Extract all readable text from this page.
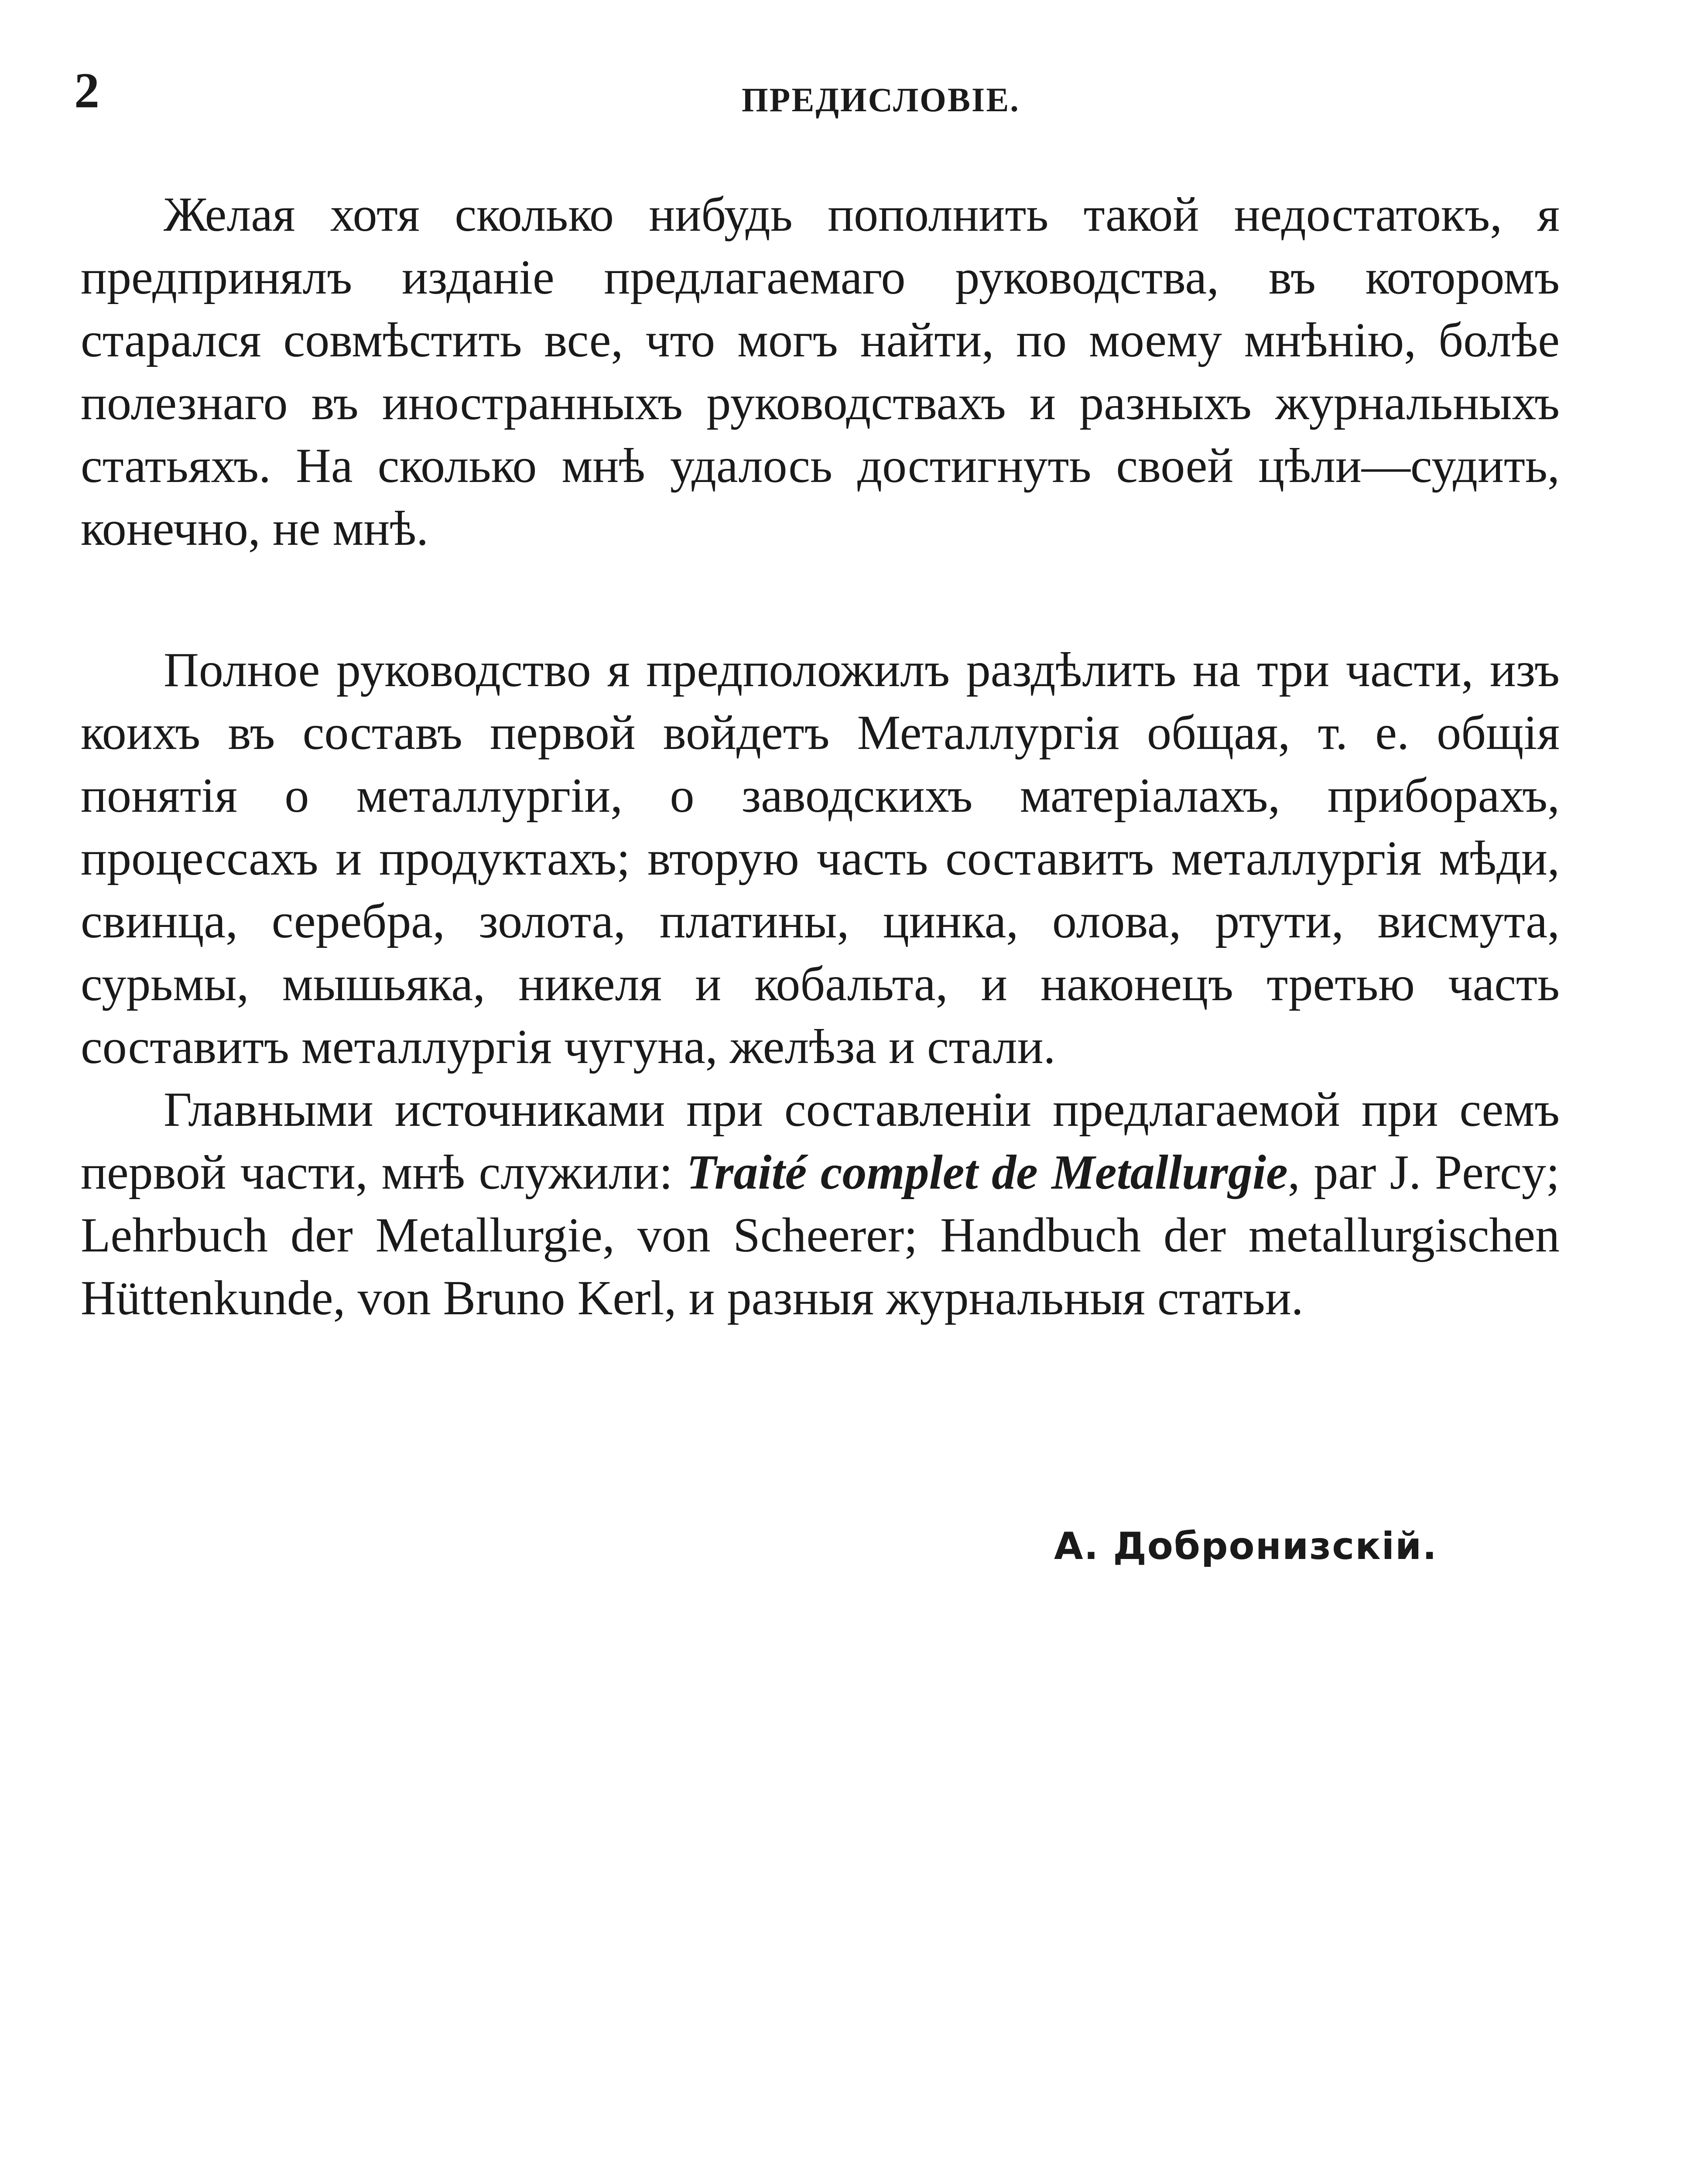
2	ПРЕДИСЛОВІЕ.

Желая хотя сколько нибудь пополнить такой недостатокъ, я предпринялъ изданіе предлагаемаго руководства, въ которомъ старался совмѣстить все, что могъ найти, по моему мнѣнію, болѣе полезнаго въ иностранныхъ руководствахъ и разныхъ журнальныхъ статьяхъ. На сколько мнѣ удалось достигнуть своей цѣли—судить, конечно, не мнѣ.

Полное руководство я предположилъ раздѣлить на три части, изъ коихъ въ составъ первой войдетъ Металлургія общая, т. е. общія понятія о металлургіи, о заводскихъ матеріалахъ, приборахъ, процессахъ и продуктахъ; вторую часть составитъ металлургія мѣди, свинца, серебра, золота, платины, цинка, олова, ртути, висмута, сурьмы, мышьяка, никеля и кобальта, и наконецъ третью часть составитъ металлургія чугуна, желѣза и стали.

Главными источниками при составленіи предлагаемой при семъ первой части, мнѣ служили: Traité complet de Metallurgie, par J. Percy; Lehrbuch der Metallurgie, von Scheerer; Handbuch der metallurgischen Hüttenkunde, von Bruno Kerl, и разныя журнальныя статьи.

А. Добронизскій.
